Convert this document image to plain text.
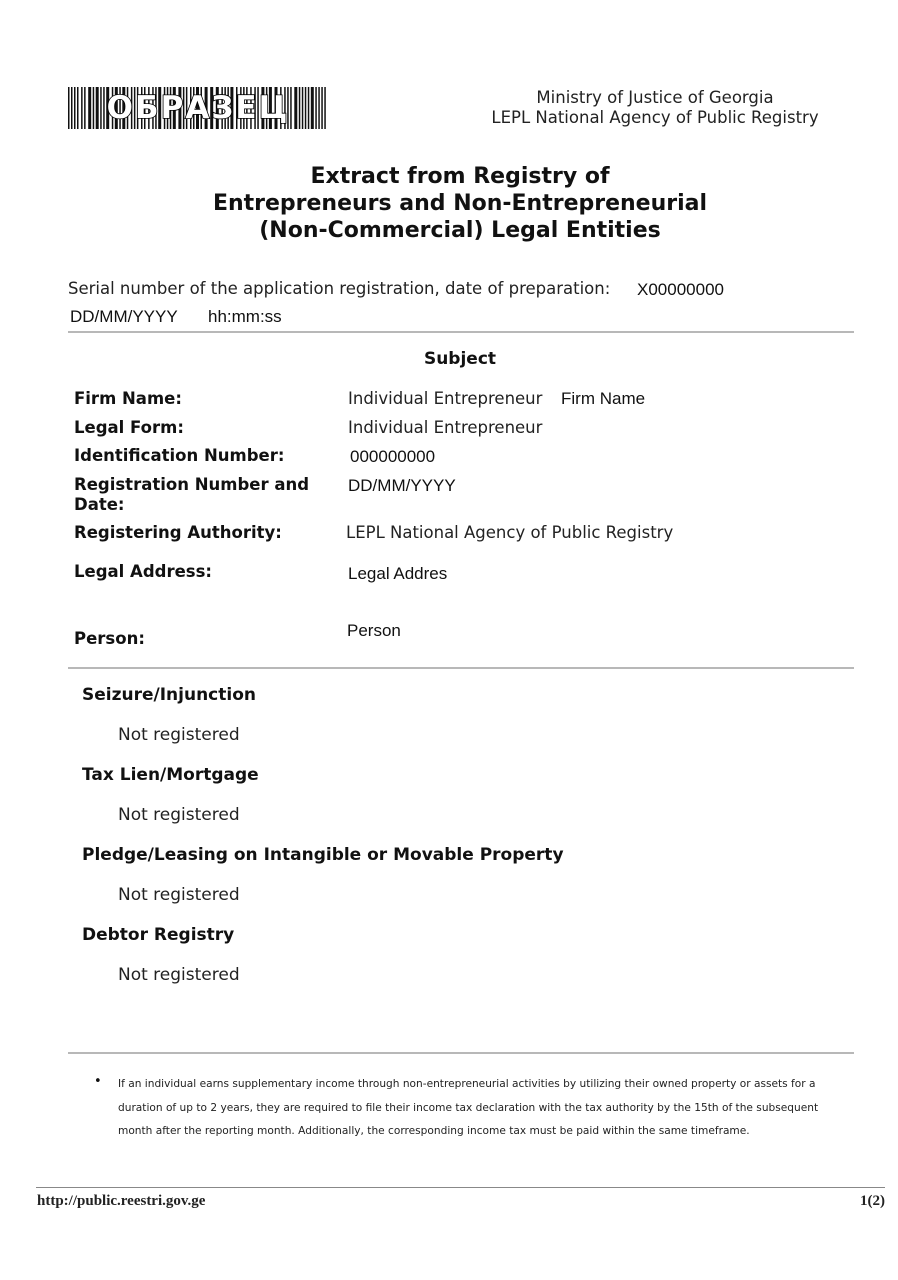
ОБРАЗЕЦ	Ministry of Justice of Georgia
LEPL National Agency of Public Registry
Extract from Registry of
Entrepreneurs and Non-Entrepreneurial
(Non-Commercial) Legal Entities
Serial number of the application registration, date of preparation: X00000000
DD/MM/YYYY hh:mm:ss
Subject
Firm Name:	Individual Entrepreneur Firm Name
Legal Form:	Individual Entrepreneur
Identification Number:	000000000
Registration Number and Date:
DD/MM/YYYY
Registering Authority:	LEPL National Agency of Public Registry
Legal Address:	Legal Addres
Person:	Person
Seizure/Injunction
Not registered
Tax Lien/Mortgage
Not registered
Pledge/Leasing on Intangible or Movable Property
Not registered
Debtor Registry
Not registered
• If an individual earns supplementary income through non-entrepreneurial activities by utilizing their owned property or assets for a duration of up to 2 years, they are required to file their income tax declaration with the tax authority by the 15th of the subsequent month after the reporting month. Additionally, the corresponding income tax must be paid within the same timeframe.
http://public.reestri.gov.ge	1(2)
